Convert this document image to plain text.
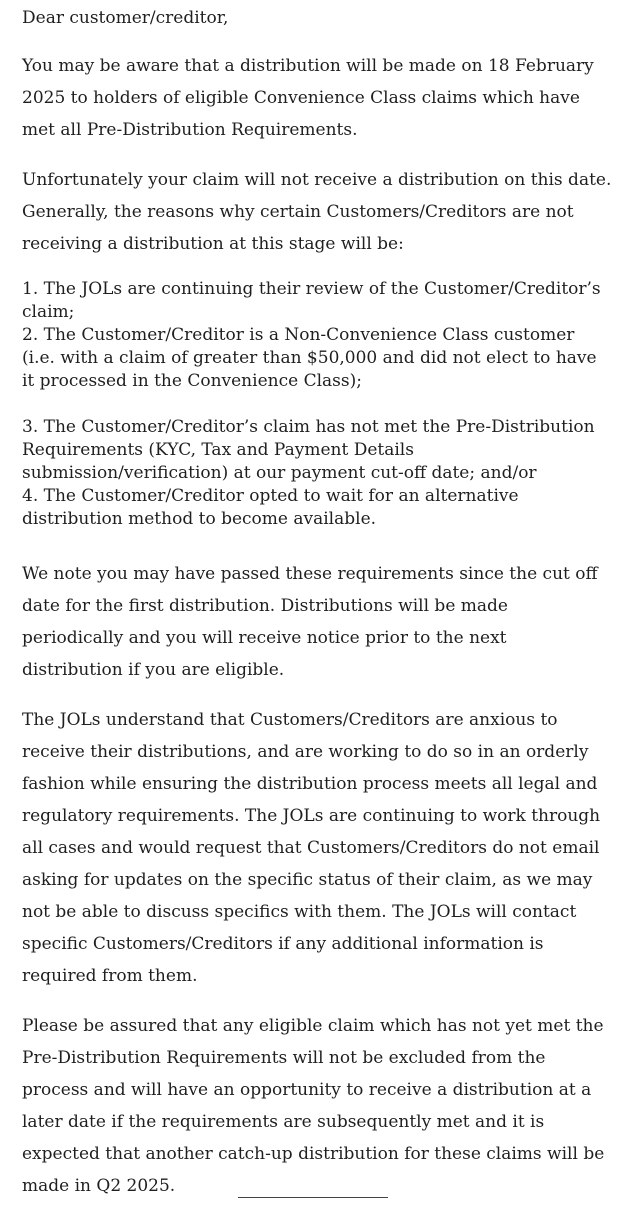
Dear customer/creditor,

You may be aware that a distribution will be made on 18 February 2025 to holders of eligible Convenience Class claims which have met all Pre-Distribution Requirements.

Unfortunately your claim will not receive a distribution on this date. Generally, the reasons why certain Customers/Creditors are not receiving a distribution at this stage will be:

1. The JOLs are continuing their review of the Customer/Creditor’s claim;
2. The Customer/Creditor is a Non-Convenience Class customer (i.e. with a claim of greater than $50,000 and did not elect to have it processed in the Convenience Class);
3. The Customer/Creditor’s claim has not met the Pre-Distribution Requirements (KYC, Tax and Payment Details submission/verification) at our payment cut-off date; and/or
4. The Customer/Creditor opted to wait for an alternative distribution method to become available.

We note you may have passed these requirements since the cut off date for the first distribution. Distributions will be made periodically and you will receive notice prior to the next distribution if you are eligible.

The JOLs understand that Customers/Creditors are anxious to receive their distributions, and are working to do so in an orderly fashion while ensuring the distribution process meets all legal and regulatory requirements. The JOLs are continuing to work through all cases and would request that Customers/Creditors do not email asking for updates on the specific status of their claim, as we may not be able to discuss specifics with them. The JOLs will contact specific Customers/Creditors if any additional information is required from them.

Please be assured that any eligible claim which has not yet met the Pre-Distribution Requirements will not be excluded from the process and will have an opportunity to receive a distribution at a later date if the requirements are subsequently met and it is expected that another catch-up distribution for these claims will be made in Q2 2025.
